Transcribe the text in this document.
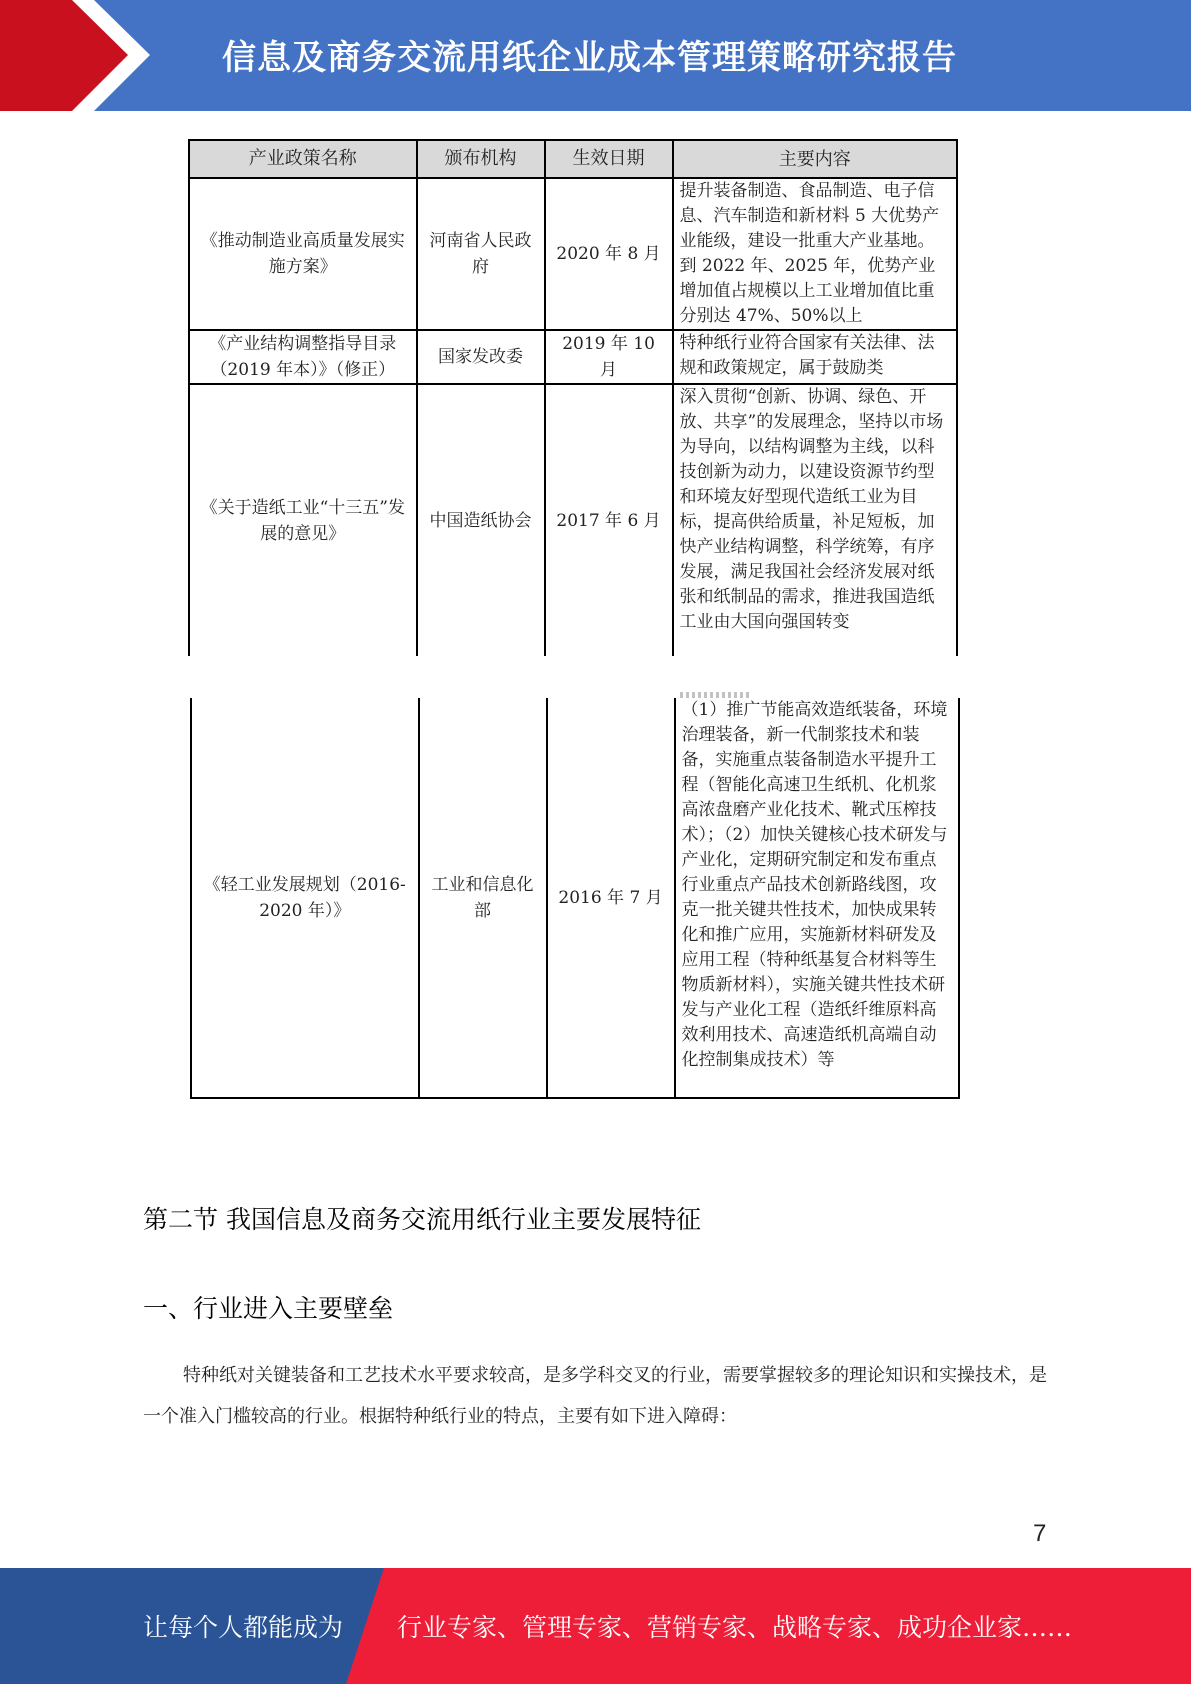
信息及商务交流用纸企业成本管理策略研究报告
产业政策名称	颁布机构	生效日期	主要内容
《推动制造业高质量发展实施方案》	河南省人民政府	2020 年 8 月	提升装备制造、食品制造、电子信息、汽车制造和新材料 5 大优势产业能级，建设一批重大产业基地。到 2022 年、2025 年，优势产业增加值占规模以上工业增加值比重分别达 47%、50%以上
《产业结构调整指导目录（2019 年本）》（修正）	国家发改委	2019 年 10 月	特种纸行业符合国家有关法律、法规和政策规定，属于鼓励类
《关于造纸工业“十三五”发展的意见》	中国造纸协会	2017 年 6 月	深入贯彻“创新、协调、绿色、开放、共享”的发展理念，坚持以市场为导向，以结构调整为主线，以科技创新为动力，以建设资源节约型和环境友好型现代造纸工业为目标，提高供给质量，补足短板，加快产业结构调整，科学统筹，有序发展，满足我国社会经济发展对纸张和纸制品的需求，推进我国造纸工业由大国向强国转变
《轻工业发展规划（2016-2020 年）》	工业和信息化部	2016 年 7 月	（1）推广节能高效造纸装备，环境治理装备，新一代制浆技术和装备，实施重点装备制造水平提升工程（智能化高速卫生纸机、化机浆高浓盘磨产业化技术、靴式压榨技术）；（2）加快关键核心技术研发与产业化，定期研究制定和发布重点行业重点产品技术创新路线图，攻克一批关键共性技术，加快成果转化和推广应用，实施新材料研发及应用工程（特种纸基复合材料等生物质新材料），实施关键共性技术研发与产业化工程（造纸纤维原料高效利用技术、高速造纸机高端自动化控制集成技术）等
第二节 我国信息及商务交流用纸行业主要发展特征
一、行业进入主要壁垒
特种纸对关键装备和工艺技术水平要求较高，是多学科交叉的行业，需要掌握较多的理论知识和实操技术，是一个准入门槛较高的行业。根据特种纸行业的特点，主要有如下进入障碍：
7
让每个人都能成为 行业专家、管理专家、营销专家、战略专家、成功企业家……
